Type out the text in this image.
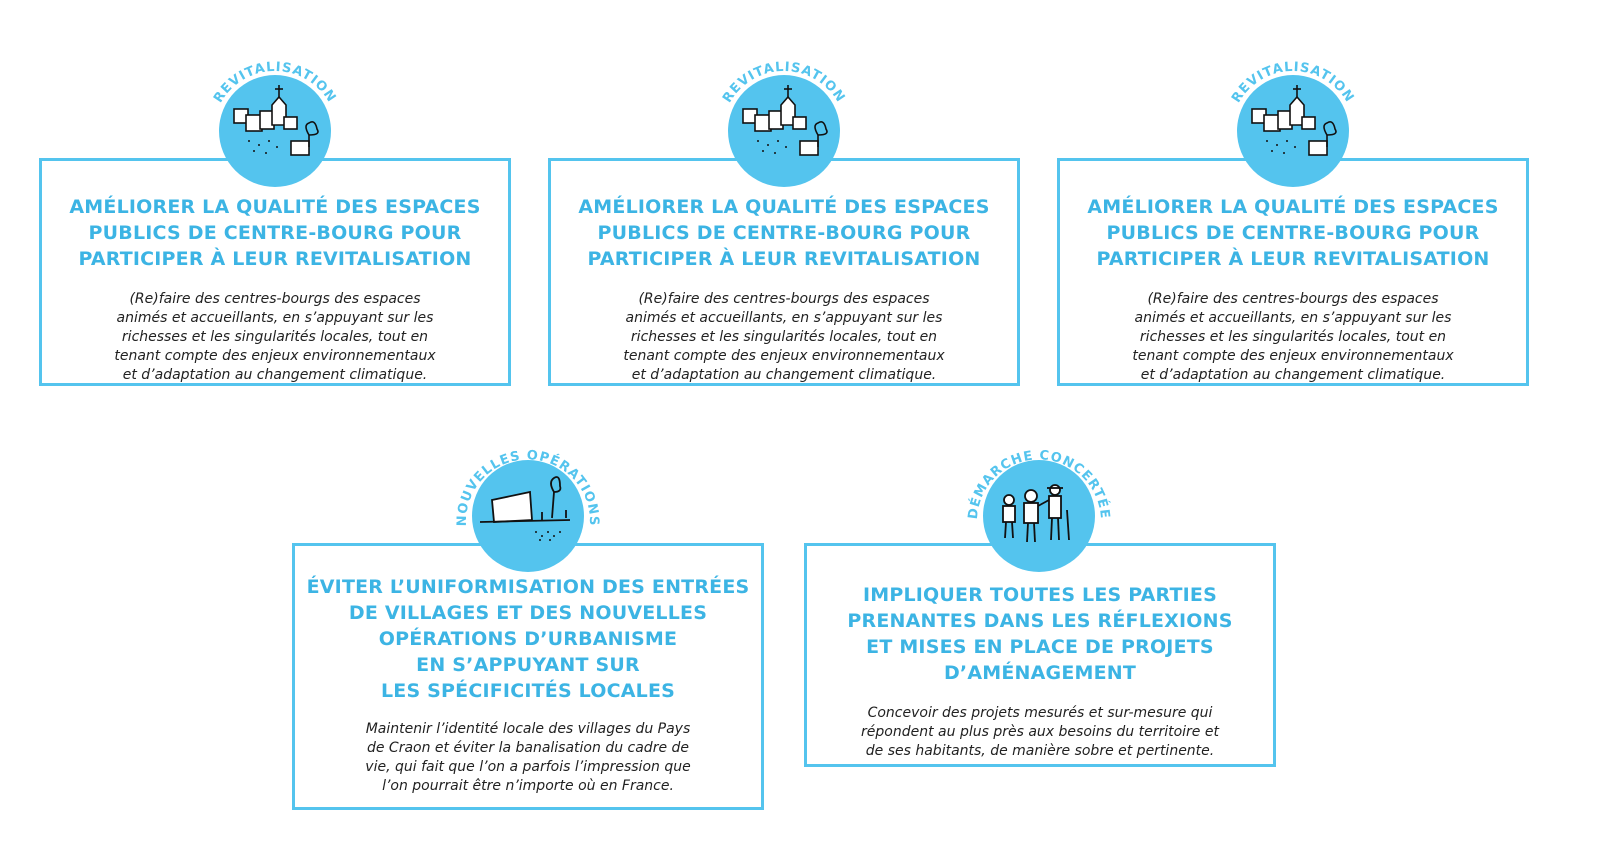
AMÉLIORER LA QUALITÉ DES ESPACES
PUBLICS DE CENTRE-BOURG POUR
PARTICIPER À LEUR REVITALISATION

(Re)faire des centres-bourgs des espaces
animés et accueillants, en s’appuyant sur les
richesses et les singularités locales, tout en
tenant compte des enjeux environnementaux
et d’adaptation au changement climatique.

REVITALISATION

AMÉLIORER LA QUALITÉ DES ESPACES
PUBLICS DE CENTRE-BOURG POUR
PARTICIPER À LEUR REVITALISATION

(Re)faire des centres-bourgs des espaces
animés et accueillants, en s’appuyant sur les
richesses et les singularités locales, tout en
tenant compte des enjeux environnementaux
et d’adaptation au changement climatique.

REVITALISATION

AMÉLIORER LA QUALITÉ DES ESPACES
PUBLICS DE CENTRE-BOURG POUR
PARTICIPER À LEUR REVITALISATION

(Re)faire des centres-bourgs des espaces
animés et accueillants, en s’appuyant sur les
richesses et les singularités locales, tout en
tenant compte des enjeux environnementaux
et d’adaptation au changement climatique.

REVITALISATION

ÉVITER L’UNIFORMISATION DES ENTRÉES
DE VILLAGES ET DES NOUVELLES
OPÉRATIONS D’URBANISME
EN S’APPUYANT SUR
LES SPÉCIFICITÉS LOCALES

Maintenir l’identité locale des villages du Pays
de Craon et éviter la banalisation du cadre de
vie, qui fait que l’on a parfois l’impression que
l’on pourrait être n’importe où en France.

NOUVELLES OPÉRATIONS

IMPLIQUER TOUTES LES PARTIES
PRENANTES DANS LES RÉFLEXIONS
ET MISES EN PLACE DE PROJETS
D’AMÉNAGEMENT

Concevoir des projets mesurés et sur-mesure qui
répondent au plus près aux besoins du territoire et
de ses habitants, de manière sobre et pertinente.

DÉMARCHE CONCERTÉE
